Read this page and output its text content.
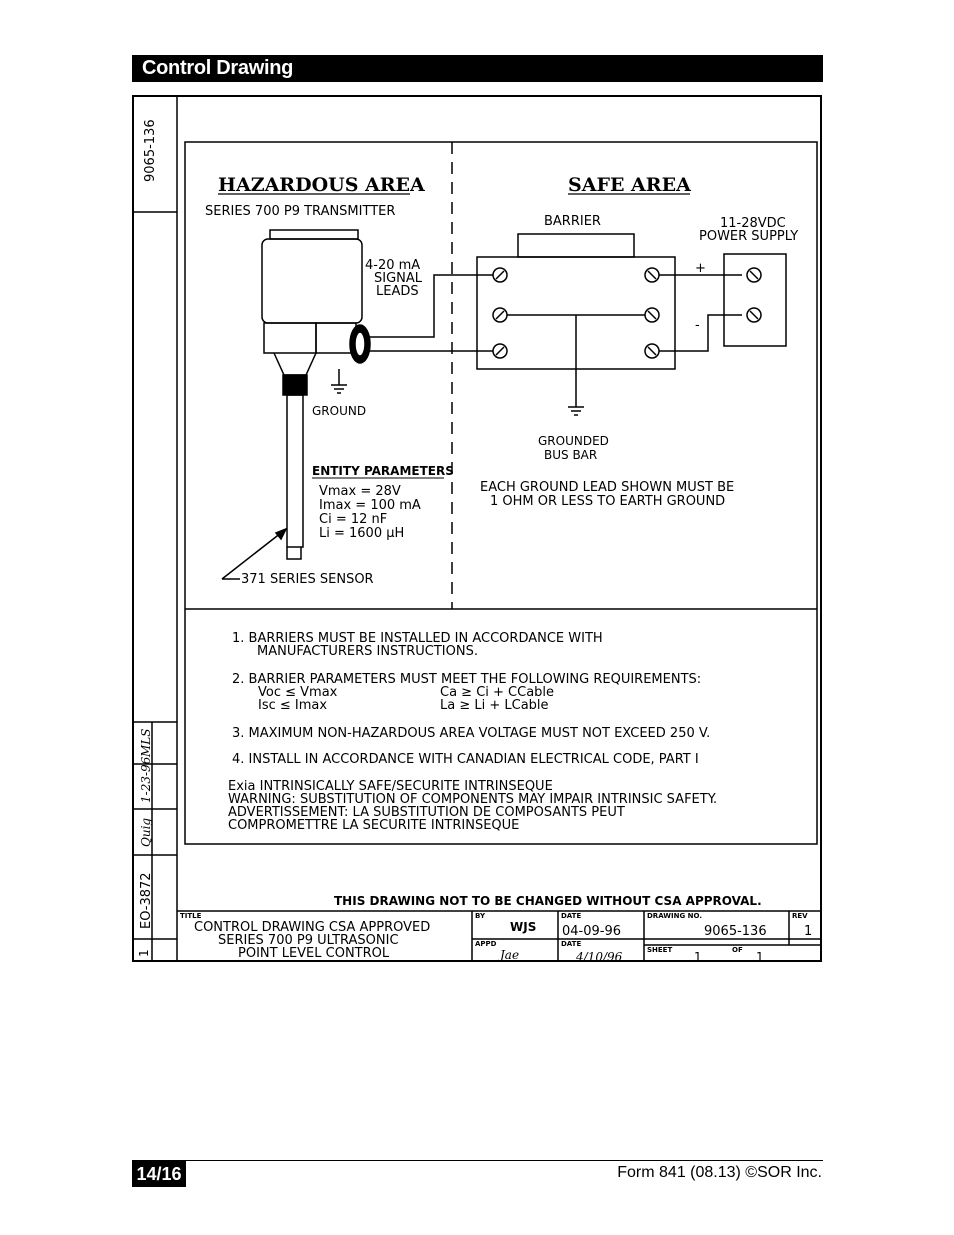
Control Drawing
9065-136
1
EO-3872
Quig
1-23-96
MLS
HAZARDOUS AREA
SERIES 700 P9 TRANSMITTER
4-20 mA
SIGNAL
LEADS
GROUND
ENTITY PARAMETERS
Vmax = 28V
Imax = 100 mA
Ci = 12 nF
Li = 1600 µH
371 SERIES SENSOR
SAFE AREA
BARRIER	11-28VDC
POWER SUPPLY
+
-
GROUNDED
BUS BAR
EACH GROUND LEAD SHOWN MUST BE
1 OHM OR LESS TO EARTH GROUND
1. BARRIERS MUST BE INSTALLED IN ACCORDANCE WITH
MANUFACTURERS INSTRUCTIONS.
2. BARRIER PARAMETERS MUST MEET THE FOLLOWING REQUIREMENTS:
Voc ≤ Vmax	Ca ≥ Ci + CCable
Isc ≤ Imax	La ≥ Li + LCable
3. MAXIMUM NON-HAZARDOUS AREA VOLTAGE MUST NOT EXCEED 250 V.
4. INSTALL IN ACCORDANCE WITH CANADIAN ELECTRICAL CODE, PART I
Exia INTRINSICALLY SAFE/SECURITE INTRINSEQUE
WARNING: SUBSTITUTION OF COMPONENTS MAY IMPAIR INTRINSIC SAFETY.
ADVERTISSEMENT: LA SUBSTITUTION DE COMPOSANTS PEUT
COMPROMETTRE LA SECURITE INTRINSEQUE
THIS DRAWING NOT TO BE CHANGED WITHOUT CSA APPROVAL.
TITLE
CONTROL DRAWING CSA APPROVED
SERIES 700 P9 ULTRASONIC
POINT LEVEL CONTROL
BY
WJS
DATE
04-09-96
DRAWING NO.
9065-136
REV
1
APPD
Jae
DATE
4/10/96	SHEET 1	OF 1
14/16	Form 841 (08.13) ©SOR Inc.
